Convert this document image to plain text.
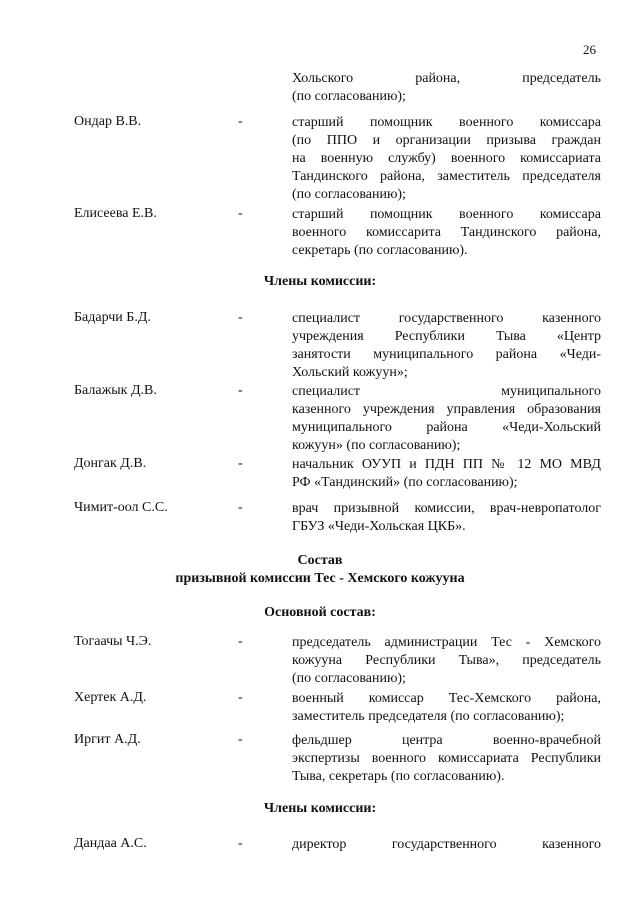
26
Хольского района, председатель
(по согласованию);
Ондар В.В.	-	старший помощник военного комиссара
(по ППО и организации призыва граждан
на военную службу) военного комиссариата
Тандинского района, заместитель председателя
(по согласованию);
Елисеева Е.В.	-	старший помощник военного комиссара
военного комиссарита Тандинского района,
секретарь (по согласованию).
Члены комиссии:
Бадарчи Б.Д.	-	специалист государственного казенного
учреждения Республики Тыва «Центр
занятости муниципального района «Чеди-
Хольский кожуун»;
Балажык Д.В.	-	специалист муниципального
казенного учреждения управления образования
муниципального района «Чеди-Хольский
кожуун» (по согласованию);
Донгак Д.В.	-	начальник ОУУП и ПДН ПП № 12 МО МВД
РФ «Тандинский» (по согласованию);
Чимит-оол С.С.	-	врач призывной комиссии, врач-невропатолог
ГБУЗ «Чеди-Хольская ЦКБ».
Состав
призывной комиссии Тес - Хемского кожууна
Основной состав:
Тогаачы Ч.Э.	-	председатель администрации Тес - Хемского
кожууна Республики Тыва», председатель
(по согласованию);
Хертек А.Д.	-	военный комиссар Тес-Хемского района,
заместитель председателя (по согласованию);
Иргит А.Д.	-	фельдшер центра военно-врачебной
экспертизы военного комиссариата Республики
Тыва, секретарь (по согласованию).
Члены комиссии:
Дандаа А.С.	-	директор государственного казенного
